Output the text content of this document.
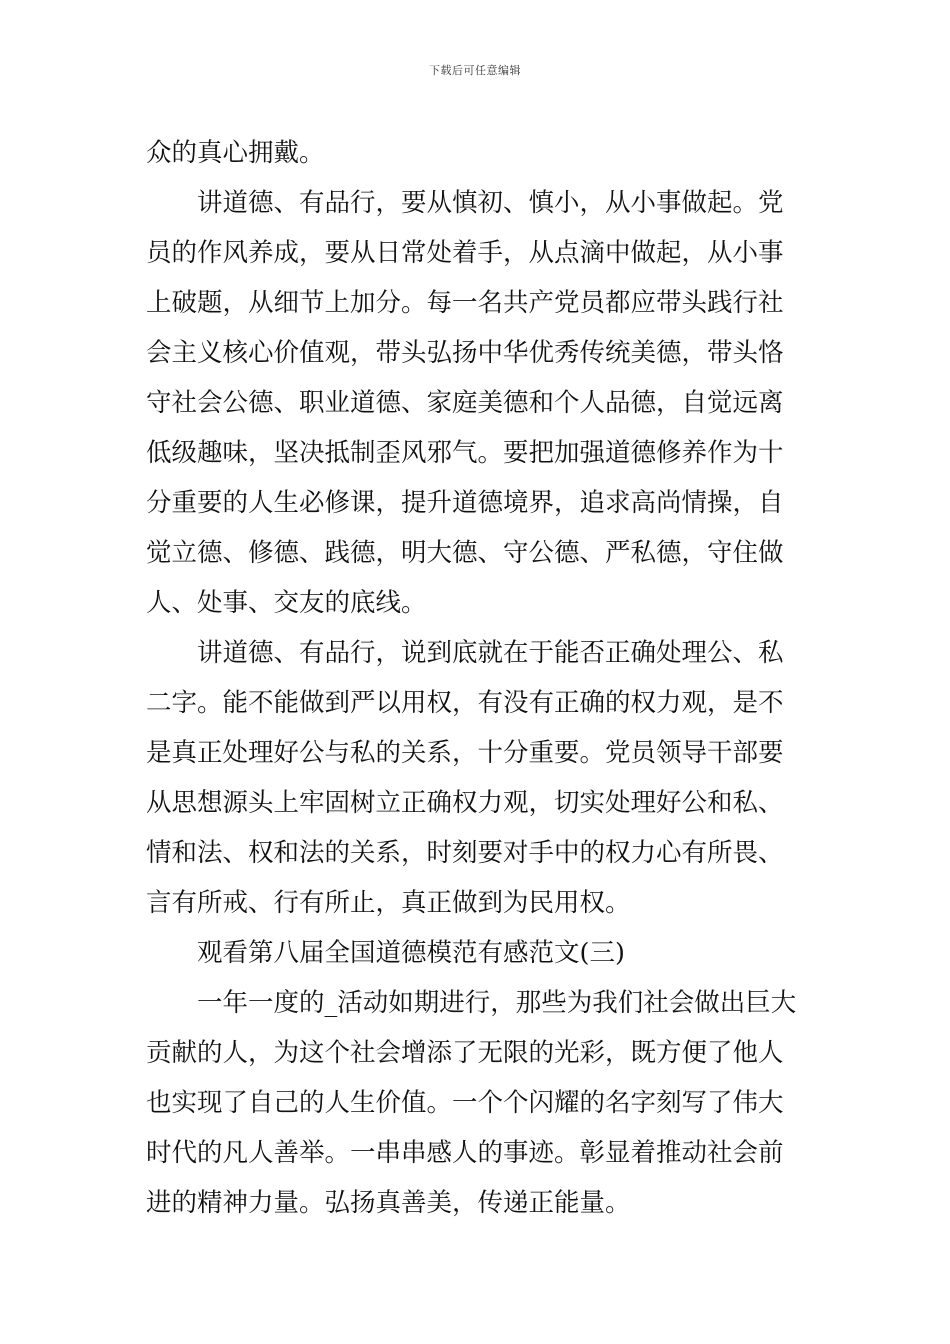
下载后可任意编辑

众的真心拥戴。

讲道德、有品行，要从慎初、慎小，从小事做起。党
员的作风养成，要从日常处着手，从点滴中做起，从小事
上破题，从细节上加分。每一名共产党员都应带头践行社
会主义核心价值观，带头弘扬中华优秀传统美德，带头恪
守社会公德、职业道德、家庭美德和个人品德，自觉远离
低级趣味，坚决抵制歪风邪气。要把加强道德修养作为十
分重要的人生必修课，提升道德境界，追求高尚情操，自
觉立德、修德、践德，明大德、守公德、严私德，守住做
人、处事、交友的底线。

讲道德、有品行，说到底就在于能否正确处理公、私
二字。能不能做到严以用权，有没有正确的权力观，是不
是真正处理好公与私的关系，十分重要。党员领导干部要
从思想源头上牢固树立正确权力观，切实处理好公和私、
情和法、权和法的关系，时刻要对手中的权力心有所畏、
言有所戒、行有所止，真正做到为民用权。

观看第八届全国道德模范有感范文(三)

一年一度的_活动如期进行，那些为我们社会做出巨大
贡献的人，为这个社会增添了无限的光彩，既方便了他人
也实现了自己的人生价值。一个个闪耀的名字刻写了伟大
时代的凡人善举。一串串感人的事迹。彰显着推动社会前
进的精神力量。弘扬真善美，传递正能量。
